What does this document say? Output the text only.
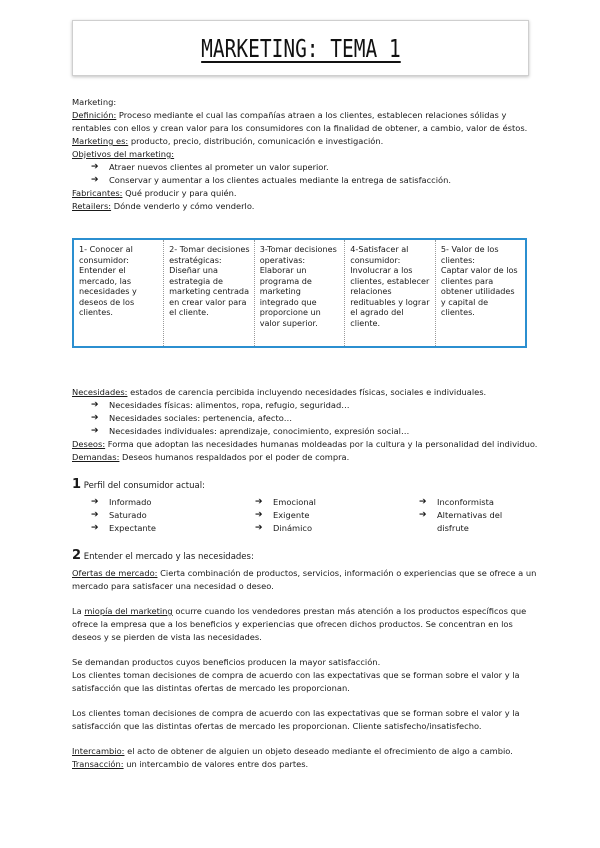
MARKETING: TEMA 1
Marketing:
Definición: Proceso mediante el cual las compañías atraen a los clientes, establecen relaciones sólidas y
rentables con ellos y crean valor para los consumidores con la finalidad de obtener, a cambio, valor de éstos.
Marketing es: producto, precio, distribución, comunicación e investigación.
Objetivos del marketing:
➔ Atraer nuevos clientes al prometer un valor superior.
➔ Conservar y aumentar a los clientes actuales mediante la entrega de satisfacción.
Fabricantes: Qué producir y para quién.
Retailers: Dónde venderlo y cómo venderlo.
1- Conocer al consumidor:
Entender el mercado, las necesidades y deseos de los clientes.	2- Tomar decisiones estratégicas:
Diseñar una estrategia de marketing centrada en crear valor para el cliente.	3-Tomar decisiones operativas:
Elaborar un programa de marketing integrado que proporcione un valor superior.	4-Satisfacer al consumidor:
Involucrar a los clientes, establecer relaciones redituables y lograr el agrado del cliente.	5- Valor de los clientes:
Captar valor de los clientes para obtener utilidades y capital de clientes.
Necesidades: estados de carencia percibida incluyendo necesidades físicas, sociales e individuales.
➔ Necesidades físicas: alimentos, ropa, refugio, seguridad…
➔ Necesidades sociales: pertenencia, afecto…
➔ Necesidades individuales: aprendizaje, conocimiento, expresión social…
Deseos: Forma que adoptan las necesidades humanas moldeadas por la cultura y la personalidad del individuo.
Demandas: Deseos humanos respaldados por el poder de compra.
1 Perfil del consumidor actual:
➔ Informado
➔ Saturado
➔ Expectante
➔ Emocional
➔ Exigente
➔ Dinámico
➔ Inconformista
➔ Alternativas del
disfrute
2 Entender el mercado y las necesidades:
Ofertas de mercado: Cierta combinación de productos, servicios, información o experiencias que se ofrece a un
mercado para satisfacer una necesidad o deseo.
La miopía del marketing ocurre cuando los vendedores prestan más atención a los productos específicos que
ofrece la empresa que a los beneficios y experiencias que ofrecen dichos productos. Se concentran en los
deseos y se pierden de vista las necesidades.
Se demandan productos cuyos beneficios producen la mayor satisfacción.
Los clientes toman decisiones de compra de acuerdo con las expectativas que se forman sobre el valor y la
satisfacción que las distintas ofertas de mercado les proporcionan.
Los clientes toman decisiones de compra de acuerdo con las expectativas que se forman sobre el valor y la
satisfacción que las distintas ofertas de mercado les proporcionan. Cliente satisfecho/insatisfecho.
Intercambio: el acto de obtener de alguien un objeto deseado mediante el ofrecimiento de algo a cambio.
Transacción: un intercambio de valores entre dos partes.
